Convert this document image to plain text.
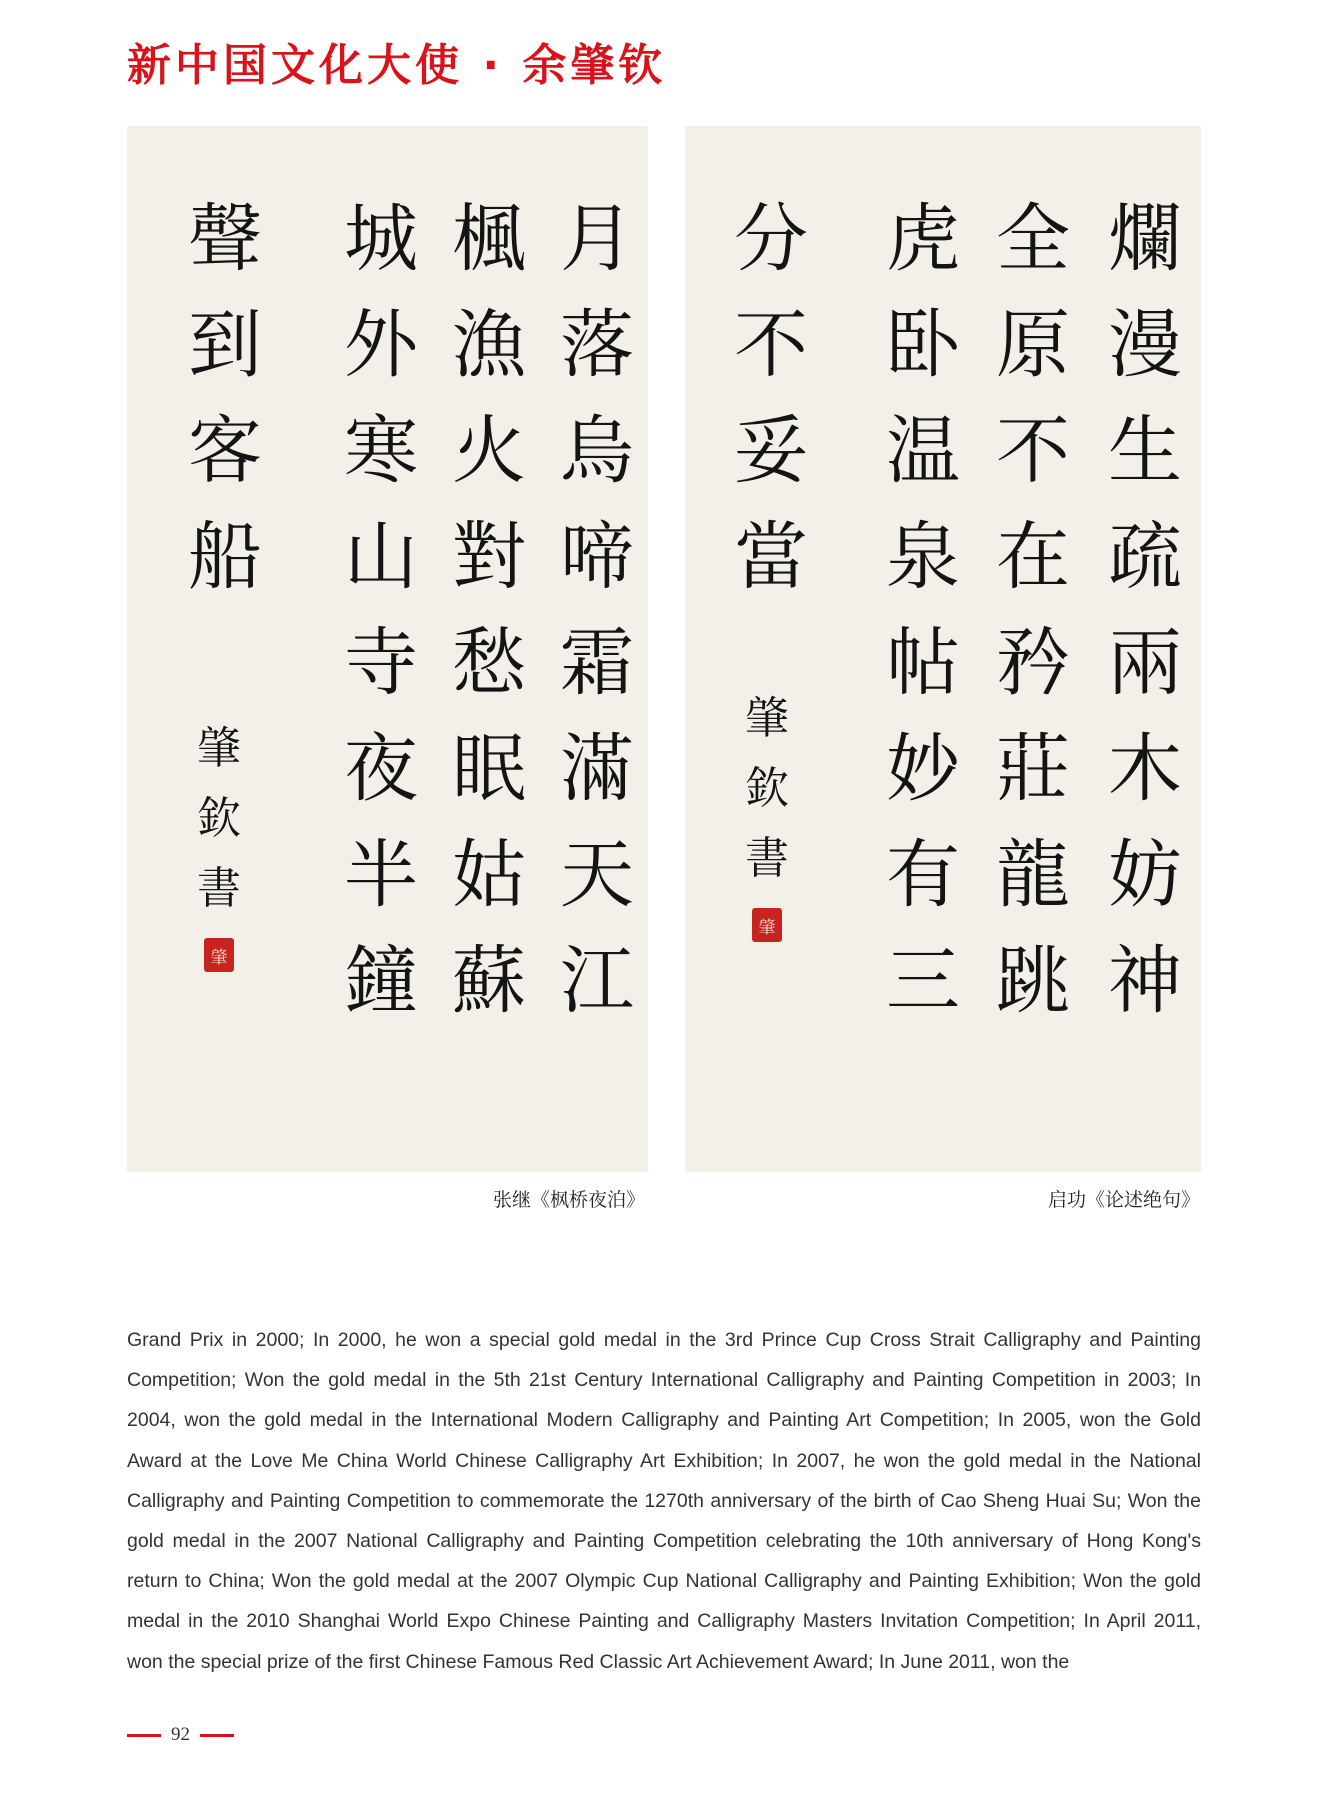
新中国文化大使 · 余肇钦
月
落
烏
啼
霜
滿
天
江
楓
漁
火
對
愁
眠
姑
蘇
城
外
寒
山
寺
夜
半
鐘
聲
到
客
船
肇
欽
書
肇
张继《枫桥夜泊》
爛
漫
生
疏
兩
木
妨
神
全
原
不
在
矜
莊
龍
跳
虎
卧
温
泉
帖
妙
有
三
分
不
妥
當
肇
欽
書
肇
启功《论述绝句》

Grand Prix in 2000; In 2000, he won a special gold medal in the 3rd Prince Cup Cross Strait Calligraphy and Painting Competition; Won the gold medal in the 5th 21st Century International Calligraphy and Painting Competition in 2003; In 2004, won the gold medal in the International Modern Calligraphy and Painting Art Competition; In 2005, won the Gold Award at the Love Me China World Chinese Calligraphy Art Exhibition; In 2007, he won the gold medal in the National Calligraphy and Painting Competition to commemorate the 1270th anniversary of the birth of Cao Sheng Huai Su; Won the gold medal in the 2007 National Calligraphy and Painting Competition celebrating the 10th anniversary of Hong Kong's return to China; Won the gold medal at the 2007 Olympic Cup National Calligraphy and Painting Exhibition; Won the gold medal in the 2010 Shanghai World Expo Chinese Painting and Calligraphy Masters Invitation Competition; In April 2011, won the special prize of the first Chinese Famous Red Classic Art Achievement Award; In June 2011, won the

92
